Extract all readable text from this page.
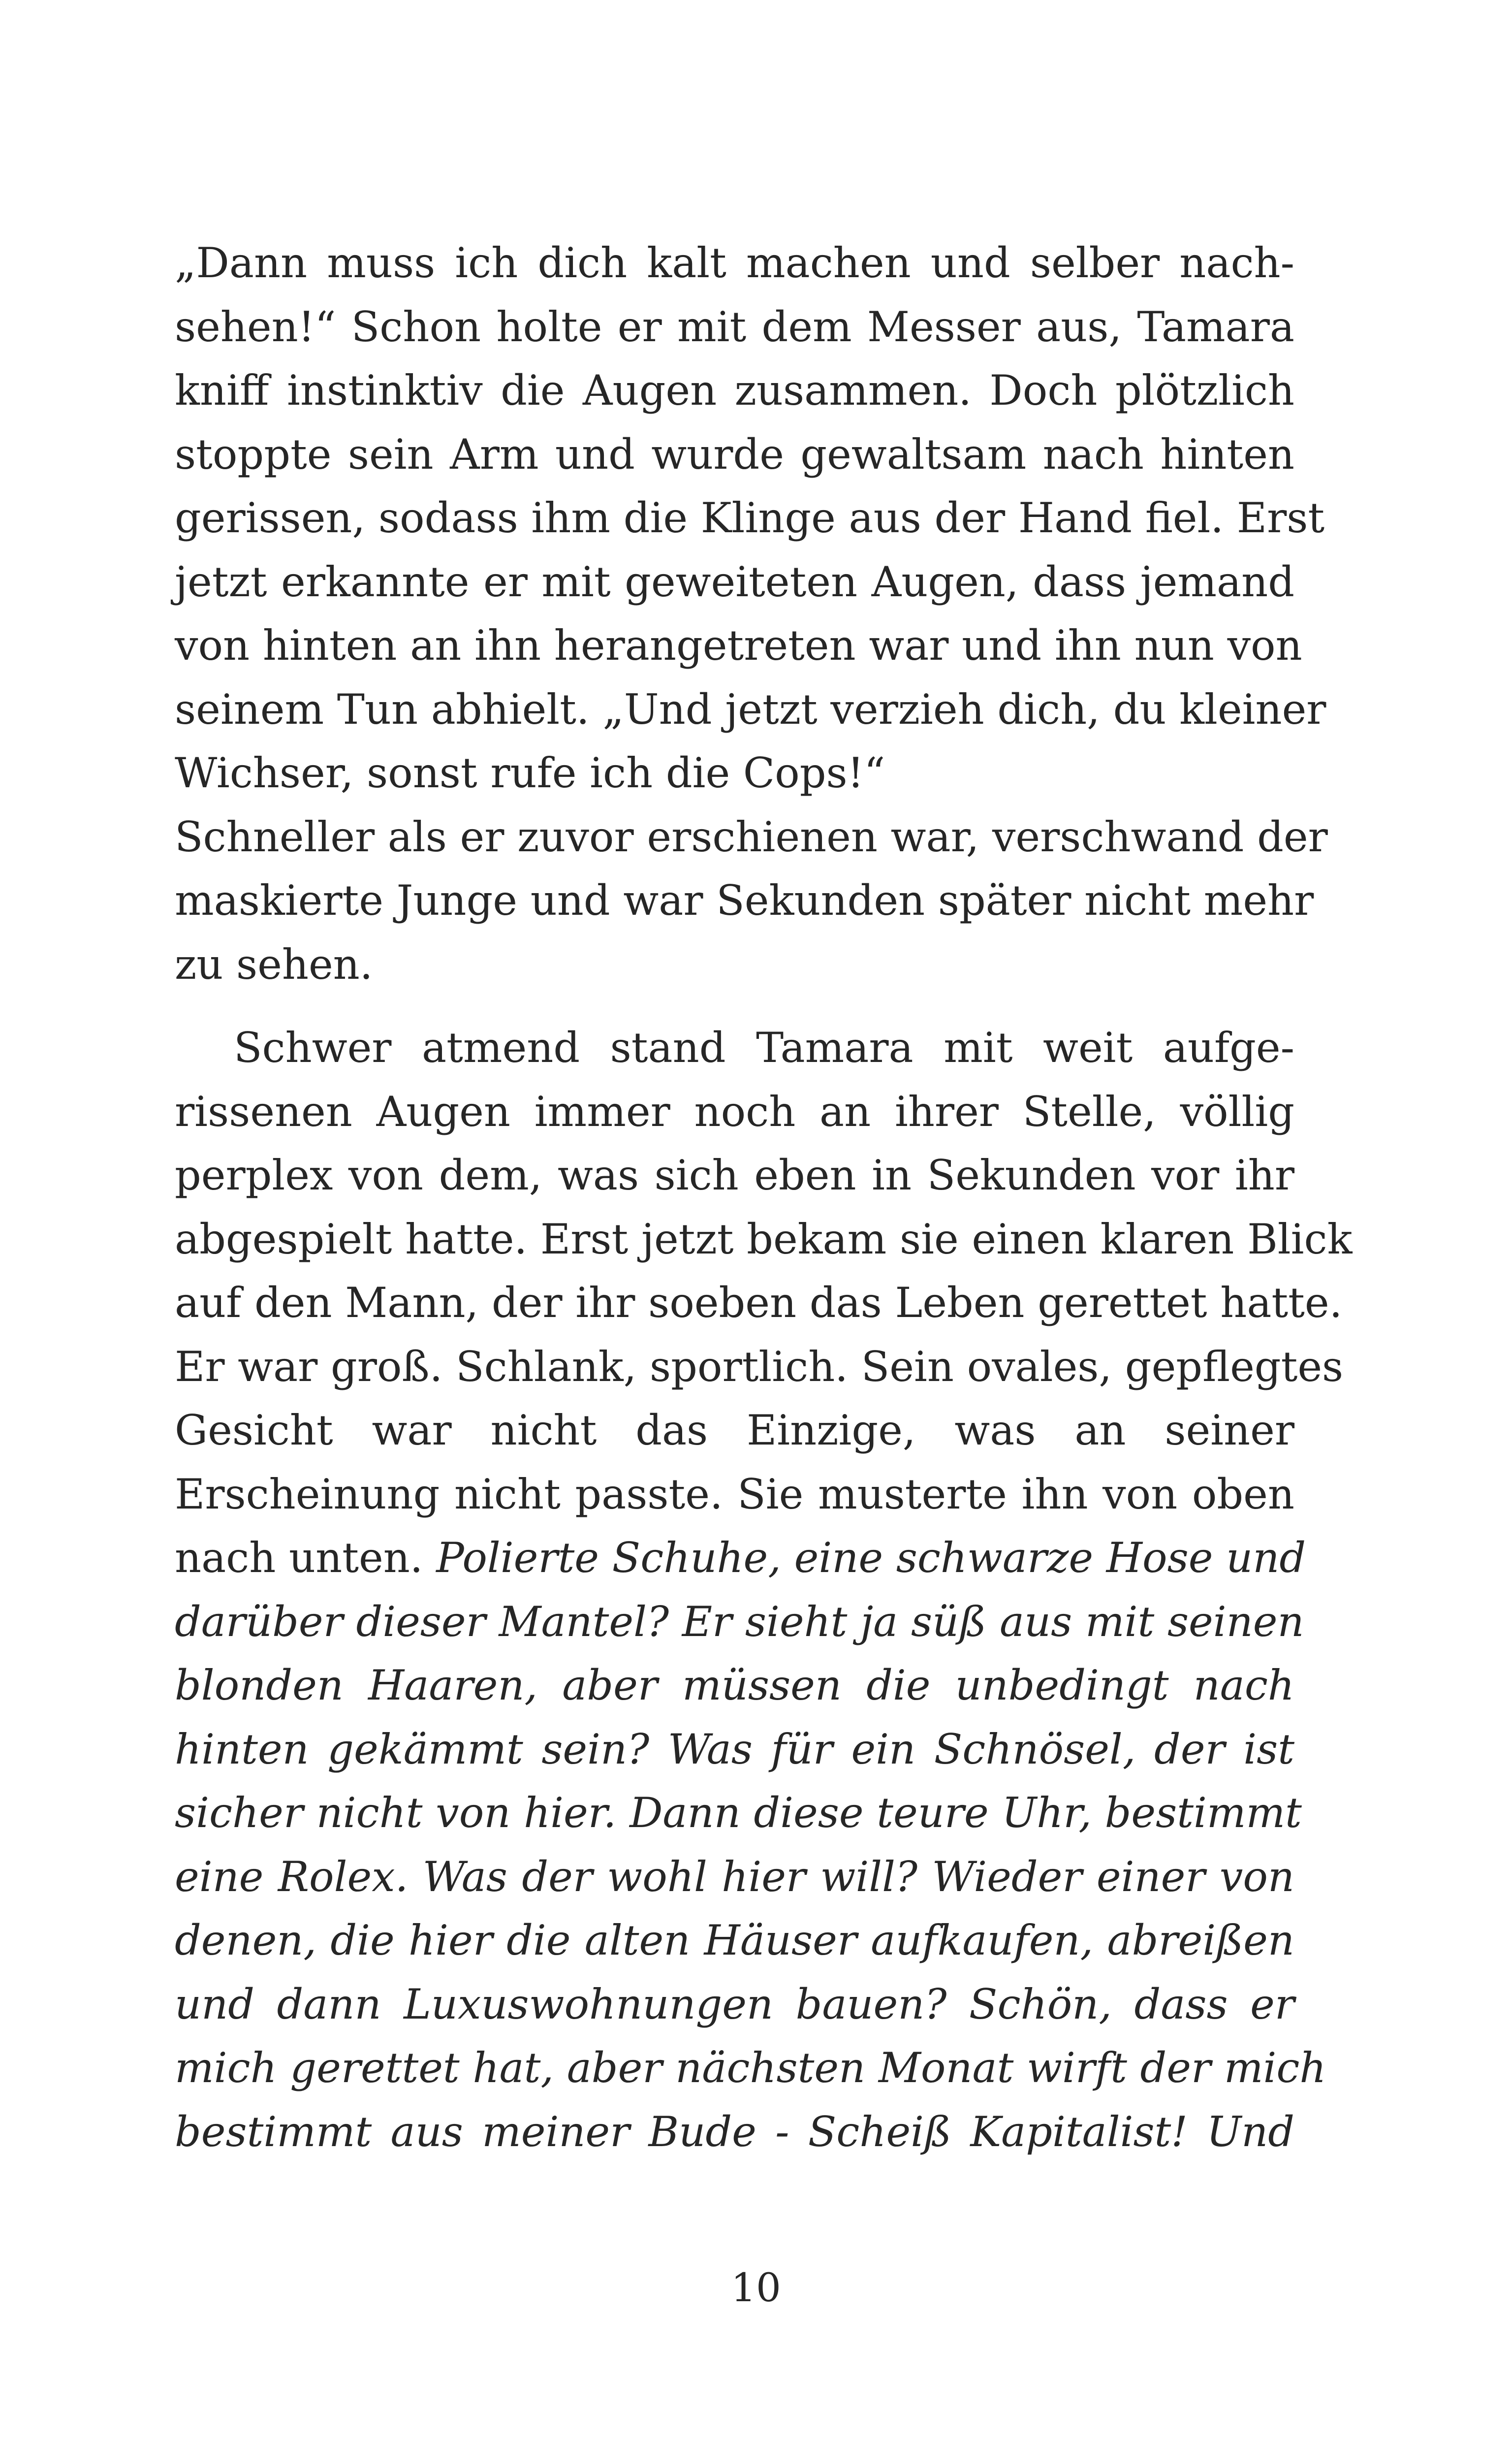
„Dann muss ich dich kalt machen und selber nach-
sehen!“ Schon holte er mit dem Messer aus, Tamara
kniff instinktiv die Augen zusammen. Doch plötzlich
stoppte sein Arm und wurde gewaltsam nach hinten
gerissen, sodass ihm die Klinge aus der Hand fiel. Erst
jetzt erkannte er mit geweiteten Augen, dass jemand
von hinten an ihn herangetreten war und ihn nun von
seinem Tun abhielt. „Und jetzt verzieh dich, du kleiner
Wichser, sonst rufe ich die Cops!“
Schneller als er zuvor erschienen war, verschwand der
maskierte Junge und war Sekunden später nicht mehr
zu sehen.
Schwer atmend stand Tamara mit weit aufge-
rissenen Augen immer noch an ihrer Stelle, völlig
perplex von dem, was sich eben in Sekunden vor ihr
abgespielt hatte. Erst jetzt bekam sie einen klaren Blick
auf den Mann, der ihr soeben das Leben gerettet hatte.
Er war groß. Schlank, sportlich. Sein ovales, gepflegtes
Gesicht war nicht das Einzige, was an seiner
Erscheinung nicht passte. Sie musterte ihn von oben
nach unten. Polierte Schuhe, eine schwarze Hose und
darüber dieser Mantel? Er sieht ja süß aus mit seinen
blonden Haaren, aber müssen die unbedingt nach
hinten gekämmt sein? Was für ein Schnösel, der ist
sicher nicht von hier. Dann diese teure Uhr, bestimmt
eine Rolex. Was der wohl hier will? Wieder einer von
denen, die hier die alten Häuser aufkaufen, abreißen
und dann Luxuswohnungen bauen? Schön, dass er
mich gerettet hat, aber nächsten Monat wirft der mich
bestimmt aus meiner Bude - Scheiß Kapitalist! Und
10
